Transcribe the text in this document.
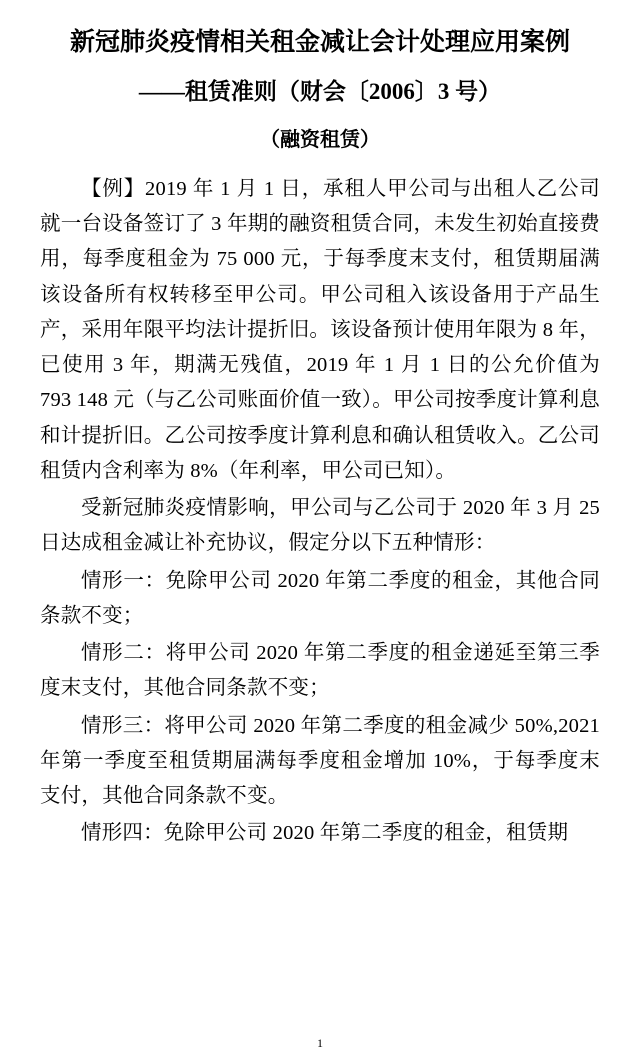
新冠肺炎疫情相关租金减让会计处理应用案例
——租赁准则（财会〔2006〕3 号）
（融资租赁）

【例】2019 年 1 月 1 日，承租人甲公司与出租人乙公司就一台设备签订了 3 年期的融资租赁合同，未发生初始直接费用，每季度租金为 75 000 元，于每季度末支付，租赁期届满该设备所有权转移至甲公司。甲公司租入该设备用于产品生产，采用年限平均法计提折旧。该设备预计使用年限为 8 年，已使用 3 年，期满无残值，2019 年 1 月 1 日的公允价值为 793 148 元（与乙公司账面价值一致）。甲公司按季度计算利息和计提折旧。乙公司按季度计算利息和确认租赁收入。乙公司租赁内含利率为 8%（年利率，甲公司已知）。

受新冠肺炎疫情影响，甲公司与乙公司于 2020 年 3 月 25 日达成租金减让补充协议，假定分以下五种情形：

情形一：免除甲公司 2020 年第二季度的租金，其他合同条款不变；

情形二：将甲公司 2020 年第二季度的租金递延至第三季度末支付，其他合同条款不变；

情形三：将甲公司 2020 年第二季度的租金减少 50%,2021 年第一季度至租赁期届满每季度租金增加 10%，于每季度末支付，其他合同条款不变。

情形四：免除甲公司 2020 年第二季度的租金，租赁期

1
